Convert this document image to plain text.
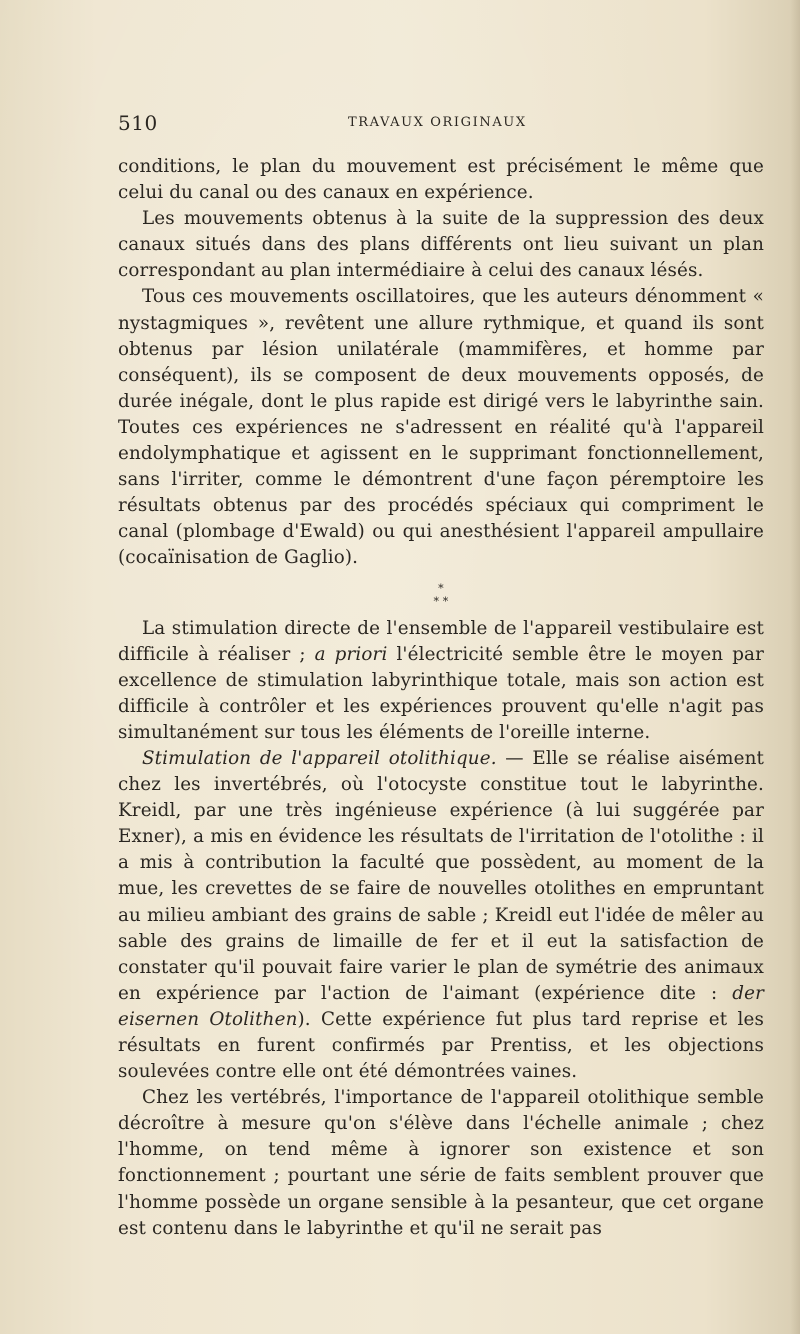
510	TRAVAUX ORIGINAUX

conditions, le plan du mouvement est précisément le même que celui du canal ou des canaux en expérience.

Les mouvements obtenus à la suite de la suppression des deux canaux situés dans des plans différents ont lieu suivant un plan correspondant au plan intermédiaire à celui des canaux lésés.

Tous ces mouvements oscillatoires, que les auteurs dénomment « nystagmiques », revêtent une allure rythmique, et quand ils sont obtenus par lésion unilatérale (mammifères, et homme par conséquent), ils se composent de deux mouvements opposés, de durée inégale, dont le plus rapide est dirigé vers le labyrinthe sain. Toutes ces expériences ne s'adressent en réalité qu'à l'appareil endolymphatique et agissent en le supprimant fonctionnellement, sans l'irriter, comme le démontrent d'une façon péremptoire les résultats obtenus par des procédés spéciaux qui compriment le canal (plombage d'Ewald) ou qui anesthésient l'appareil ampullaire (cocaïnisation de Gaglio).

*
* *

La stimulation directe de l'ensemble de l'appareil vestibulaire est difficile à réaliser ; a priori l'électricité semble être le moyen par excellence de stimulation labyrinthique totale, mais son action est difficile à contrôler et les expériences prouvent qu'elle n'agit pas simultanément sur tous les éléments de l'oreille interne.

Stimulation de l'appareil otolithique. — Elle se réalise aisément chez les invertébrés, où l'otocyste constitue tout le labyrinthe. Kreidl, par une très ingénieuse expérience (à lui suggérée par Exner), a mis en évidence les résultats de l'irritation de l'otolithe : il a mis à contribution la faculté que possèdent, au moment de la mue, les crevettes de se faire de nouvelles otolithes en empruntant au milieu ambiant des grains de sable ; Kreidl eut l'idée de mêler au sable des grains de limaille de fer et il eut la satisfaction de constater qu'il pouvait faire varier le plan de symétrie des animaux en expérience par l'action de l'aimant (expérience dite : der eisernen Otolithen). Cette expérience fut plus tard reprise et les résultats en furent confirmés par Prentiss, et les objections soulevées contre elle ont été démontrées vaines.

Chez les vertébrés, l'importance de l'appareil otolithique semble décroître à mesure qu'on s'élève dans l'échelle animale ; chez l'homme, on tend même à ignorer son existence et son fonctionnement ; pourtant une série de faits semblent prouver que l'homme possède un organe sensible à la pesanteur, que cet organe est contenu dans le labyrinthe et qu'il ne serait pas
